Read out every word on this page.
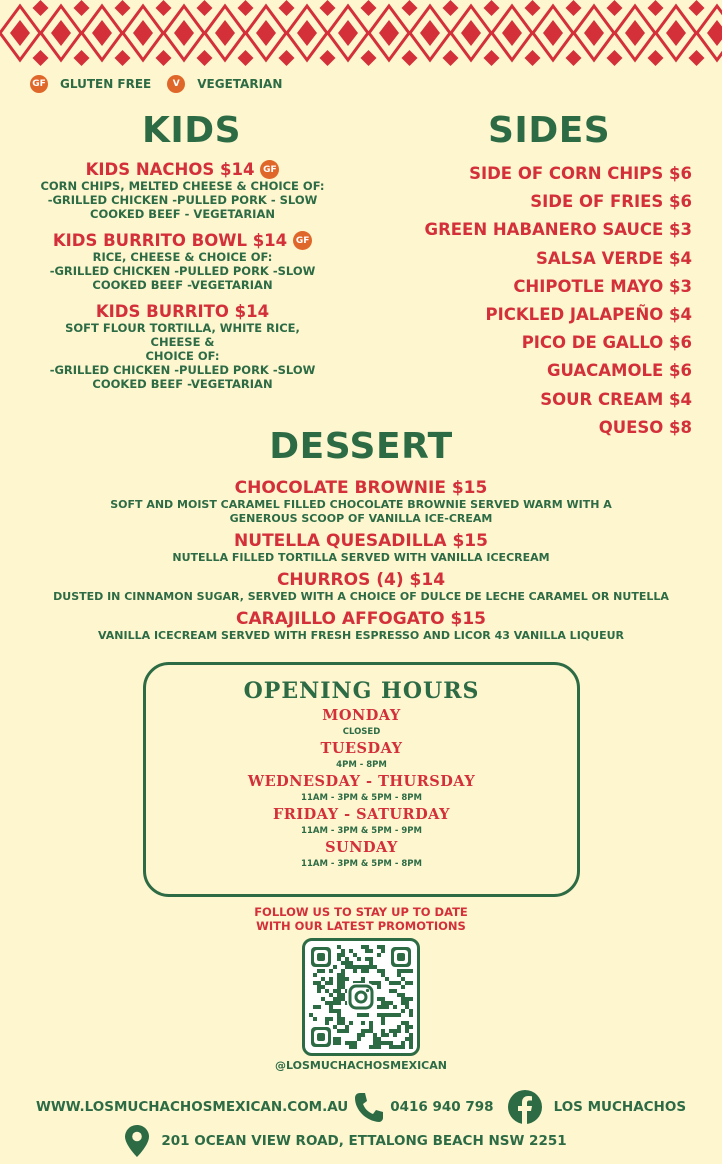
GF GLUTEN FREE	V	VEGETARIAN
KIDS	SIDES
KIDS NACHOS $14 GF
CORN CHIPS, MELTED CHEESE & CHOICE OF:
-GRILLED CHICKEN -PULLED PORK - SLOW
COOKED BEEF - VEGETARIAN
KIDS BURRITO BOWL $14 GF
RICE, CHEESE & CHOICE OF:
-GRILLED CHICKEN -PULLED PORK -SLOW
COOKED BEEF -VEGETARIAN
KIDS BURRITO $14
SOFT FLOUR TORTILLA, WHITE RICE, CHEESE &
CHOICE OF:
-GRILLED CHICKEN -PULLED PORK -SLOW
COOKED BEEF -VEGETARIAN
SIDE OF CORN CHIPS $6
SIDE OF FRIES $6
GREEN HABANERO SAUCE $3
SALSA VERDE $4
CHIPOTLE MAYO $3
PICKLED JALAPEÑO $4
PICO DE GALLO $6
GUACAMOLE $6
SOUR CREAM $4
QUESO $8
DESSERT
CHOCOLATE BROWNIE $15
SOFT AND MOIST CARAMEL FILLED CHOCOLATE BROWNIE SERVED WARM WITH A
GENEROUS SCOOP OF VANILLA ICE-CREAM
NUTELLA QUESADILLA $15
NUTELLA FILLED TORTILLA SERVED WITH VANILLA ICECREAM
CHURROS (4) $14
DUSTED IN CINNAMON SUGAR, SERVED WITH A CHOICE OF DULCE DE LECHE CARAMEL OR NUTELLA
CARAJILLO AFFOGATO $15
VANILLA ICECREAM SERVED WITH FRESH ESPRESSO AND LICOR 43 VANILLA LIQUEUR
OPENING HOURS
MONDAY
CLOSED
TUESDAY
4PM - 8PM
WEDNESDAY - THURSDAY
11AM - 3PM & 5PM - 8PM
FRIDAY - SATURDAY
11AM - 3PM & 5PM - 9PM
SUNDAY
11AM - 3PM & 5PM - 8PM
FOLLOW US TO STAY UP TO DATE
WITH OUR LATEST PROMOTIONS
@LOSMUCHACHOSMEXICAN
WWW.LOSMUCHACHOSMEXICAN.COM.AU	0416 940 798	LOS MUCHACHOS
201 OCEAN VIEW ROAD, ETTALONG BEACH NSW 2251
